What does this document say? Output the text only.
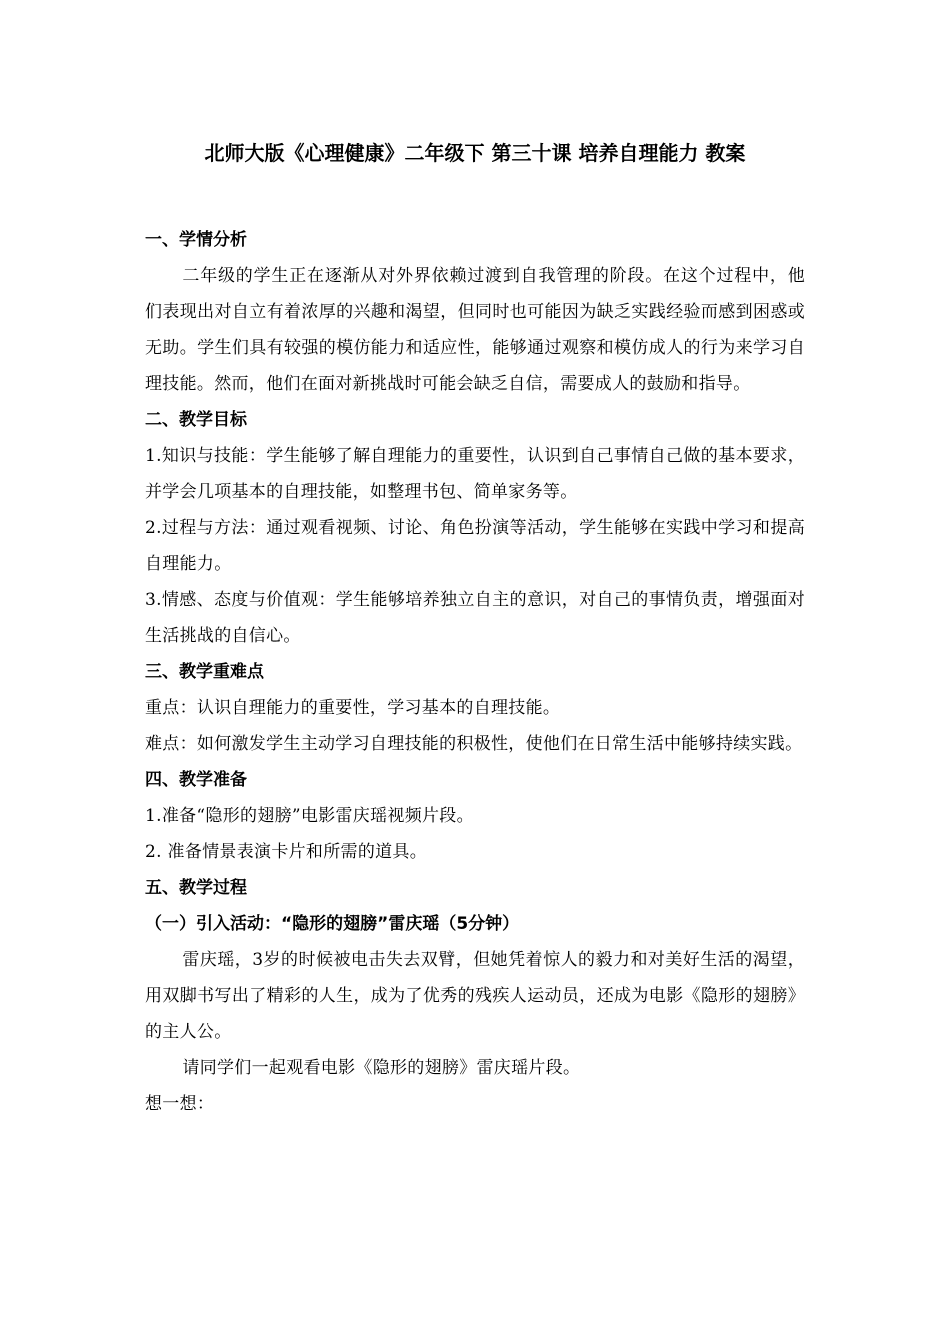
北师大版《心理健康》二年级下 第三十课 培养自理能力 教案

一、学情分析

二年级的学生正在逐渐从对外界依赖过渡到自我管理的阶段。在这个过程中，他们表现出对自立有着浓厚的兴趣和渴望，但同时也可能因为缺乏实践经验而感到困惑或无助。学生们具有较强的模仿能力和适应性，能够通过观察和模仿成人的行为来学习自理技能。然而，他们在面对新挑战时可能会缺乏自信，需要成人的鼓励和指导。

二、教学目标

1.知识与技能：学生能够了解自理能力的重要性，认识到自己事情自己做的基本要求，并学会几项基本的自理技能，如整理书包、简单家务等。

2.过程与方法：通过观看视频、讨论、角色扮演等活动，学生能够在实践中学习和提高自理能力。

3.情感、态度与价值观：学生能够培养独立自主的意识，对自己的事情负责，增强面对生活挑战的自信心。

三、教学重难点

重点：认识自理能力的重要性，学习基本的自理技能。

难点：如何激发学生主动学习自理技能的积极性，使他们在日常生活中能够持续实践。

四、教学准备

1.准备“隐形的翅膀”电影雷庆瑶视频片段。

2. 准备情景表演卡片和所需的道具。

五、教学过程

（一）引入活动：“隐形的翅膀”雷庆瑶（5分钟）

雷庆瑶，3岁的时候被电击失去双臂，但她凭着惊人的毅力和对美好生活的渴望，用双脚书写出了精彩的人生，成为了优秀的残疾人运动员，还成为电影《隐形的翅膀》的主人公。

请同学们一起观看电影《隐形的翅膀》雷庆瑶片段。

想一想：
